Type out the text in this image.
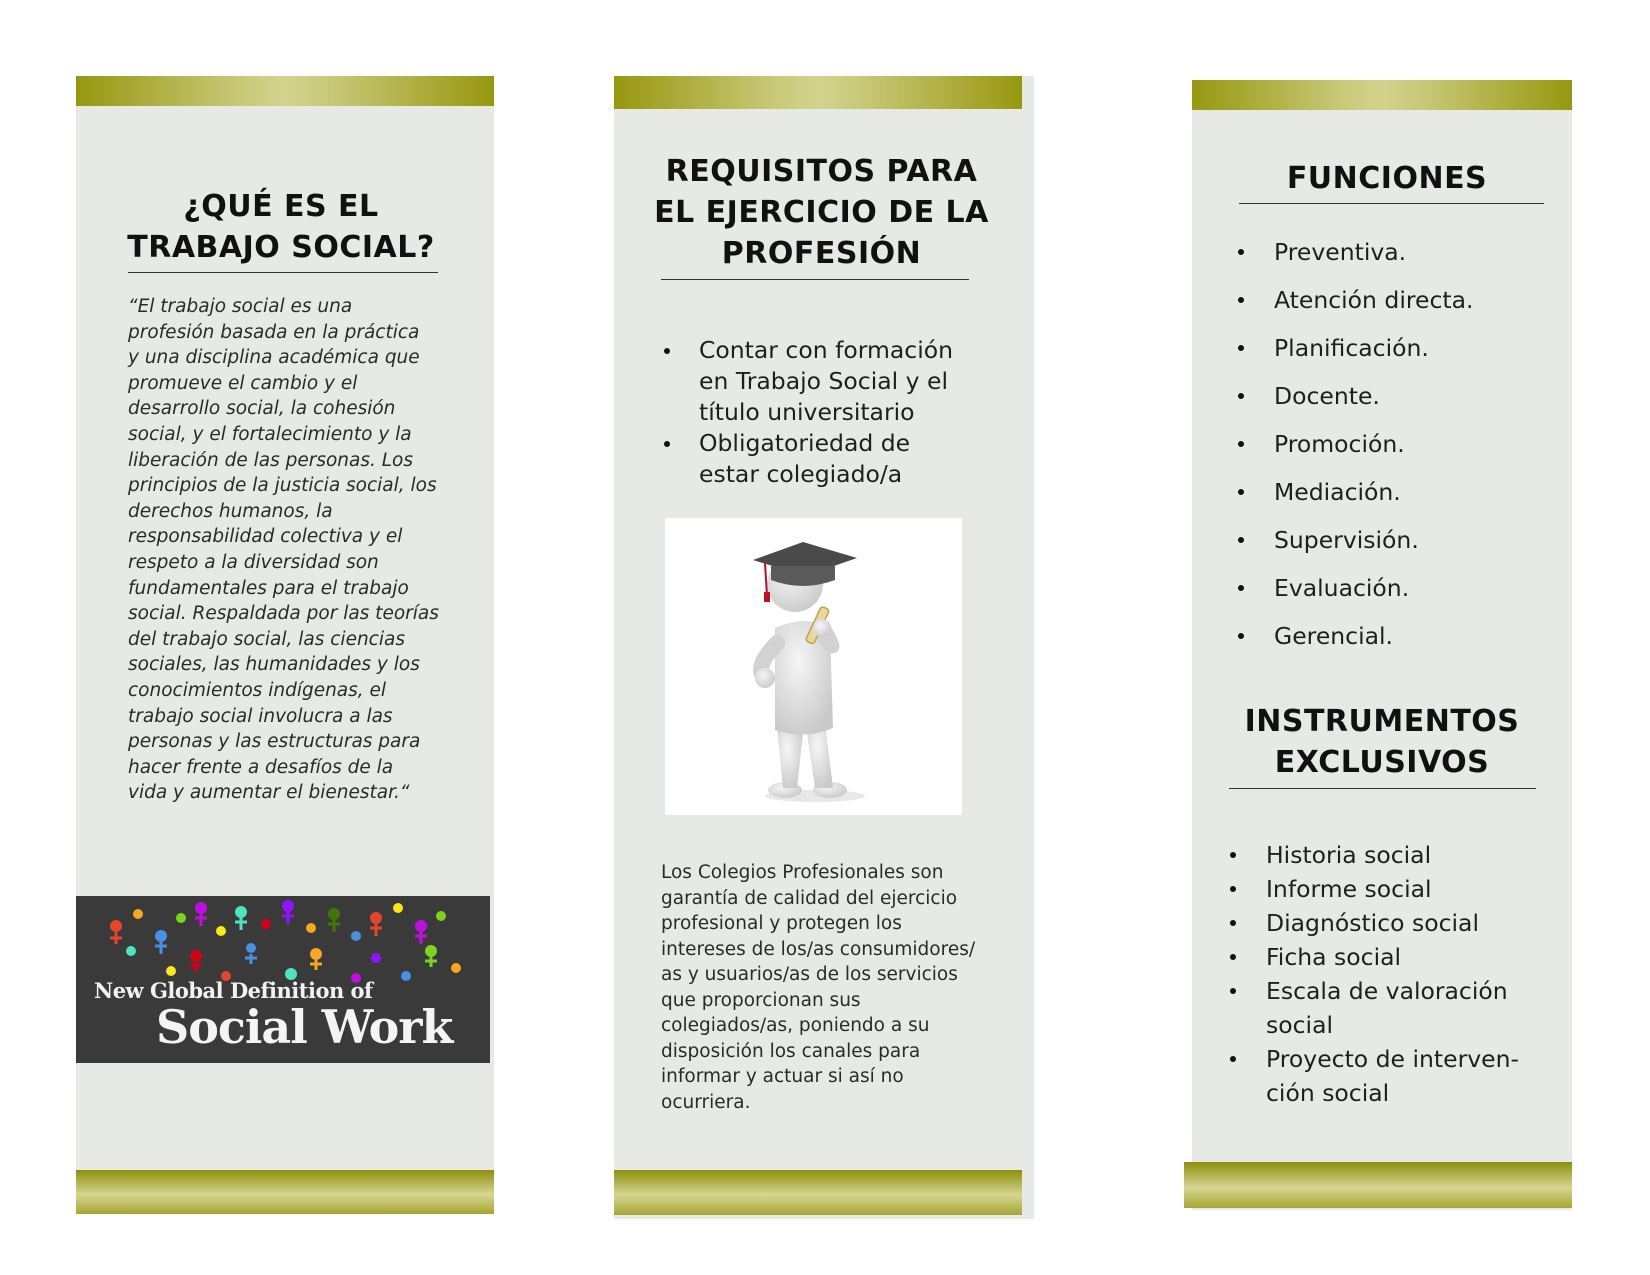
¿QUÉ ES EL TRABAJO SOCIAL?
“El trabajo social es una
profesión basada en la práctica
y una disciplina académica que
promueve el cambio y el
desarrollo social, la cohesión
social, y el fortalecimiento y la
liberación de las personas. Los
principios de la justicia social, los
derechos humanos, la
responsabilidad colectiva y el
respeto a la diversidad son
fundamentales para el trabajo
social. Respaldada por las teorías
del trabajo social, las ciencias
sociales, las humanidades y los
conocimientos indígenas, el
trabajo social involucra a las
personas y las estructuras para
hacer frente a desafíos de la
vida y aumentar el bienestar.“
New Global Definition of
Social Work
REQUISITOS PARA EL EJERCICIO DE LA PROFESIÓN
Contar con formación en Trabajo Social y el título universitario
Obligatoriedad de estar colegiado/a
Los Colegios Profesionales son
garantía de calidad del ejercicio
profesional y protegen los
intereses de los/as consumidores/
as y usuarios/as de los servicios
que proporcionan sus
colegiados/as, poniendo a su
disposición los canales para
informar y actuar si así no
ocurriera.
FUNCIONES
Preventiva.
Atención directa.
Planificación.
Docente.
Promoción.
Mediación.
Supervisión.
Evaluación.
Gerencial.
INSTRUMENTOS EXCLUSIVOS
Historia social
Informe social
Diagnóstico social
Ficha social
Escala de valoración social
Proyecto de interven-ción social
